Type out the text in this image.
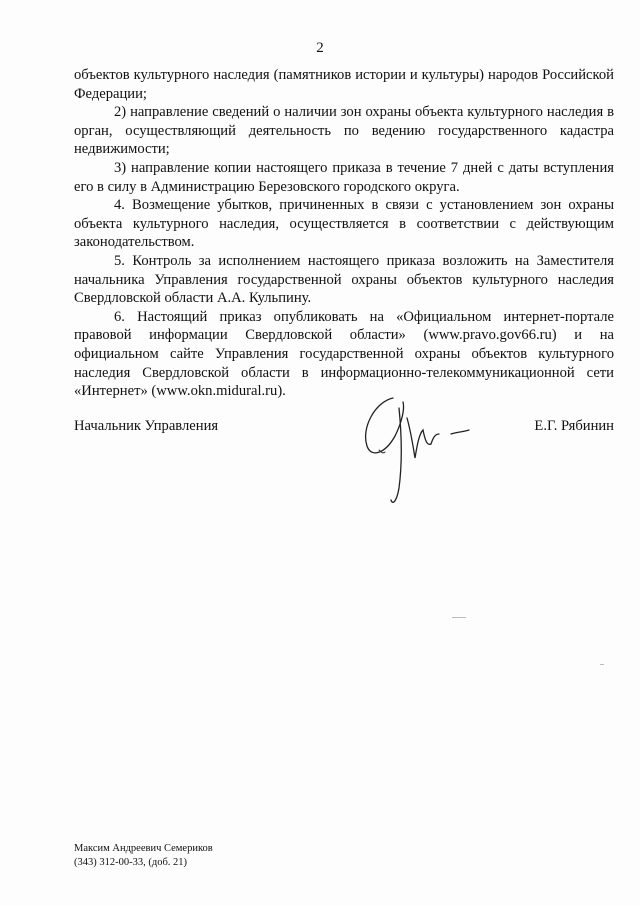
2

объектов культурного наследия (памятников истории и культуры) народов Российской Федерации;

2) направление сведений о наличии зон охраны объекта культурного наследия в орган, осуществляющий деятельность по ведению государственного кадастра недвижимости;

3) направление копии настоящего приказа в течение 7 дней с даты вступления его в силу в Администрацию Березовского городского округа.

4. Возмещение убытков, причиненных в связи с установлением зон охраны объекта культурного наследия, осуществляется в соответствии с действующим законодательством.

5. Контроль за исполнением настоящего приказа возложить на Заместителя начальника Управления государственной охраны объектов культурного наследия Свердловской области А.А. Кульпину.

6. Настоящий приказ опубликовать на «Официальном интернет-портале правовой информации Свердловской области» (www.pravo.gov66.ru) и на официальном сайте Управления государственной охраны объектов культурного наследия Свердловской области в информационно-телекоммуникационной сети «Интернет» (www.okn.midural.ru).

Начальник Управления	Е.Г. Рябинин
Максим Андреевич Семериков
(343) 312-00-33, (доб. 21)
